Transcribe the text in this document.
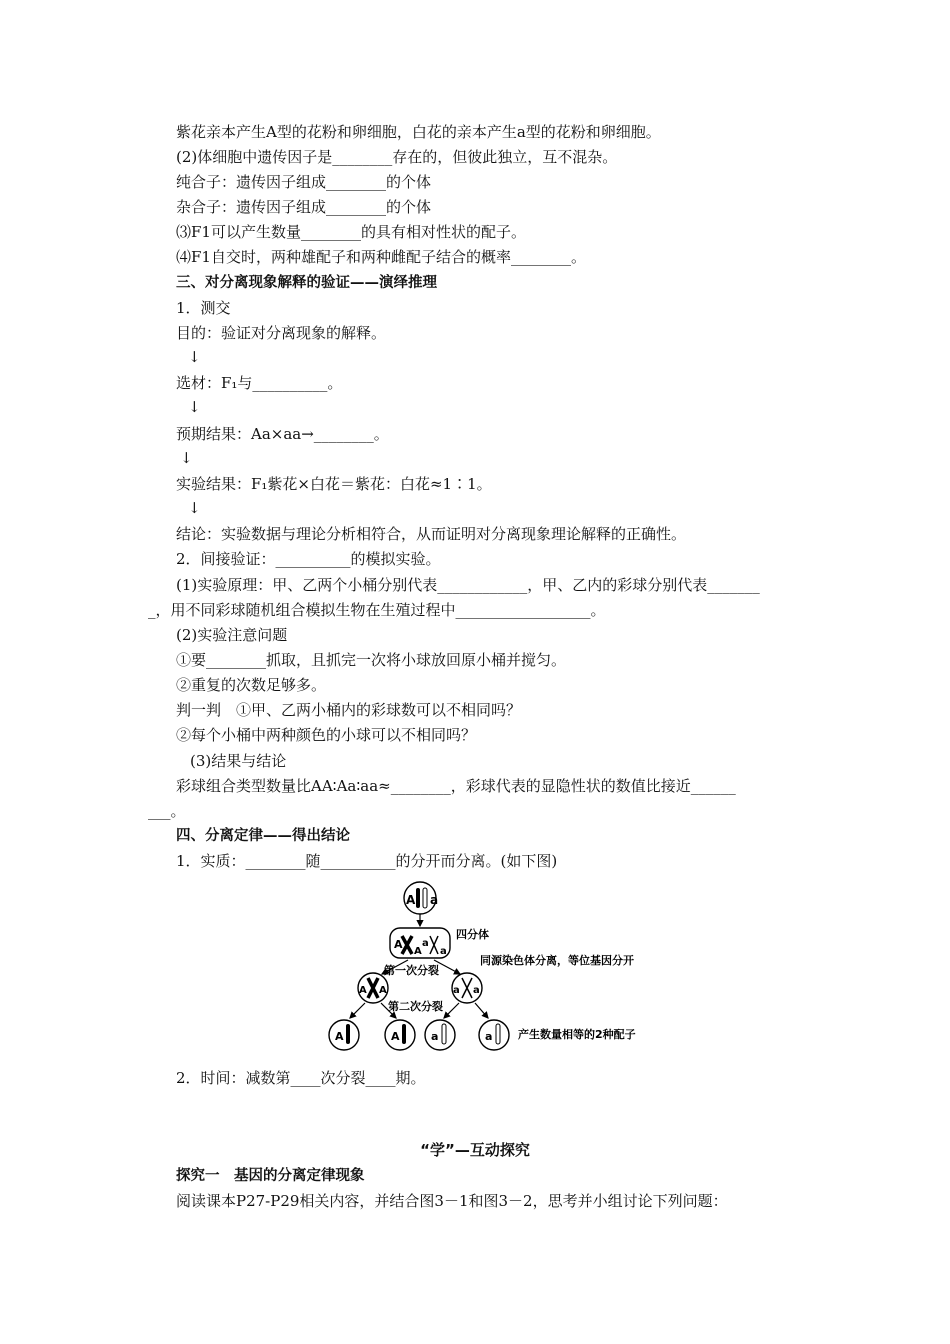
紫花亲本产生A型的花粉和卵细胞，白花的亲本产生a型的花粉和卵细胞。
(2)体细胞中遗传因子是________存在的，但彼此独立，互不混杂。
纯合子：遗传因子组成________的个体
杂合子：遗传因子组成________的个体
⑶F1可以产生数量________的具有相对性状的配子。
⑷F1自交时，两种雄配子和两种雌配子结合的概率________。
三、对分离现象解释的验证——演绎推理
1．测交
目的：验证对分离现象的解释。
↓
选材：F₁与__________。
↓
预期结果：Aa×aa→________。
↓
实验结果：F₁紫花×白花＝紫花：白花≈1∶1。
↓
结论：实验数据与理论分析相符合，从而证明对分离现象理论解释的正确性。
2．间接验证：__________的模拟实验。
(1)实验原理：甲、乙两个小桶分别代表____________，甲、乙内的彩球分别代表_______
_，用不同彩球随机组合模拟生物在生殖过程中__________________。
(2)实验注意问题
①要________抓取，且抓完一次将小球放回原小桶并搅匀。
②重复的次数足够多。
判一判　①甲、乙两小桶内的彩球数可以不相同吗？
②每个小桶中两种颜色的小球可以不相同吗？
(3)结果与结论
彩球组合类型数量比AA∶Aa∶aa≈________，彩球代表的显隐性状的数值比接近______
___。
四、分离定律——得出结论
1．实质：________随__________的分开而分离。(如下图)
A a
A
A
a
a
四分体
第一次分裂
同源染色体分离，等位基因分开
A A	a a
第二次分裂
A	A	a	a 产生数量相等的2种配子
2．时间：减数第____次分裂____期。
“学”—互动探究
探究一　基因的分离定律现象
阅读课本P27-P29相关内容，并结合图3－1和图3－2，思考并小组讨论下列问题：
